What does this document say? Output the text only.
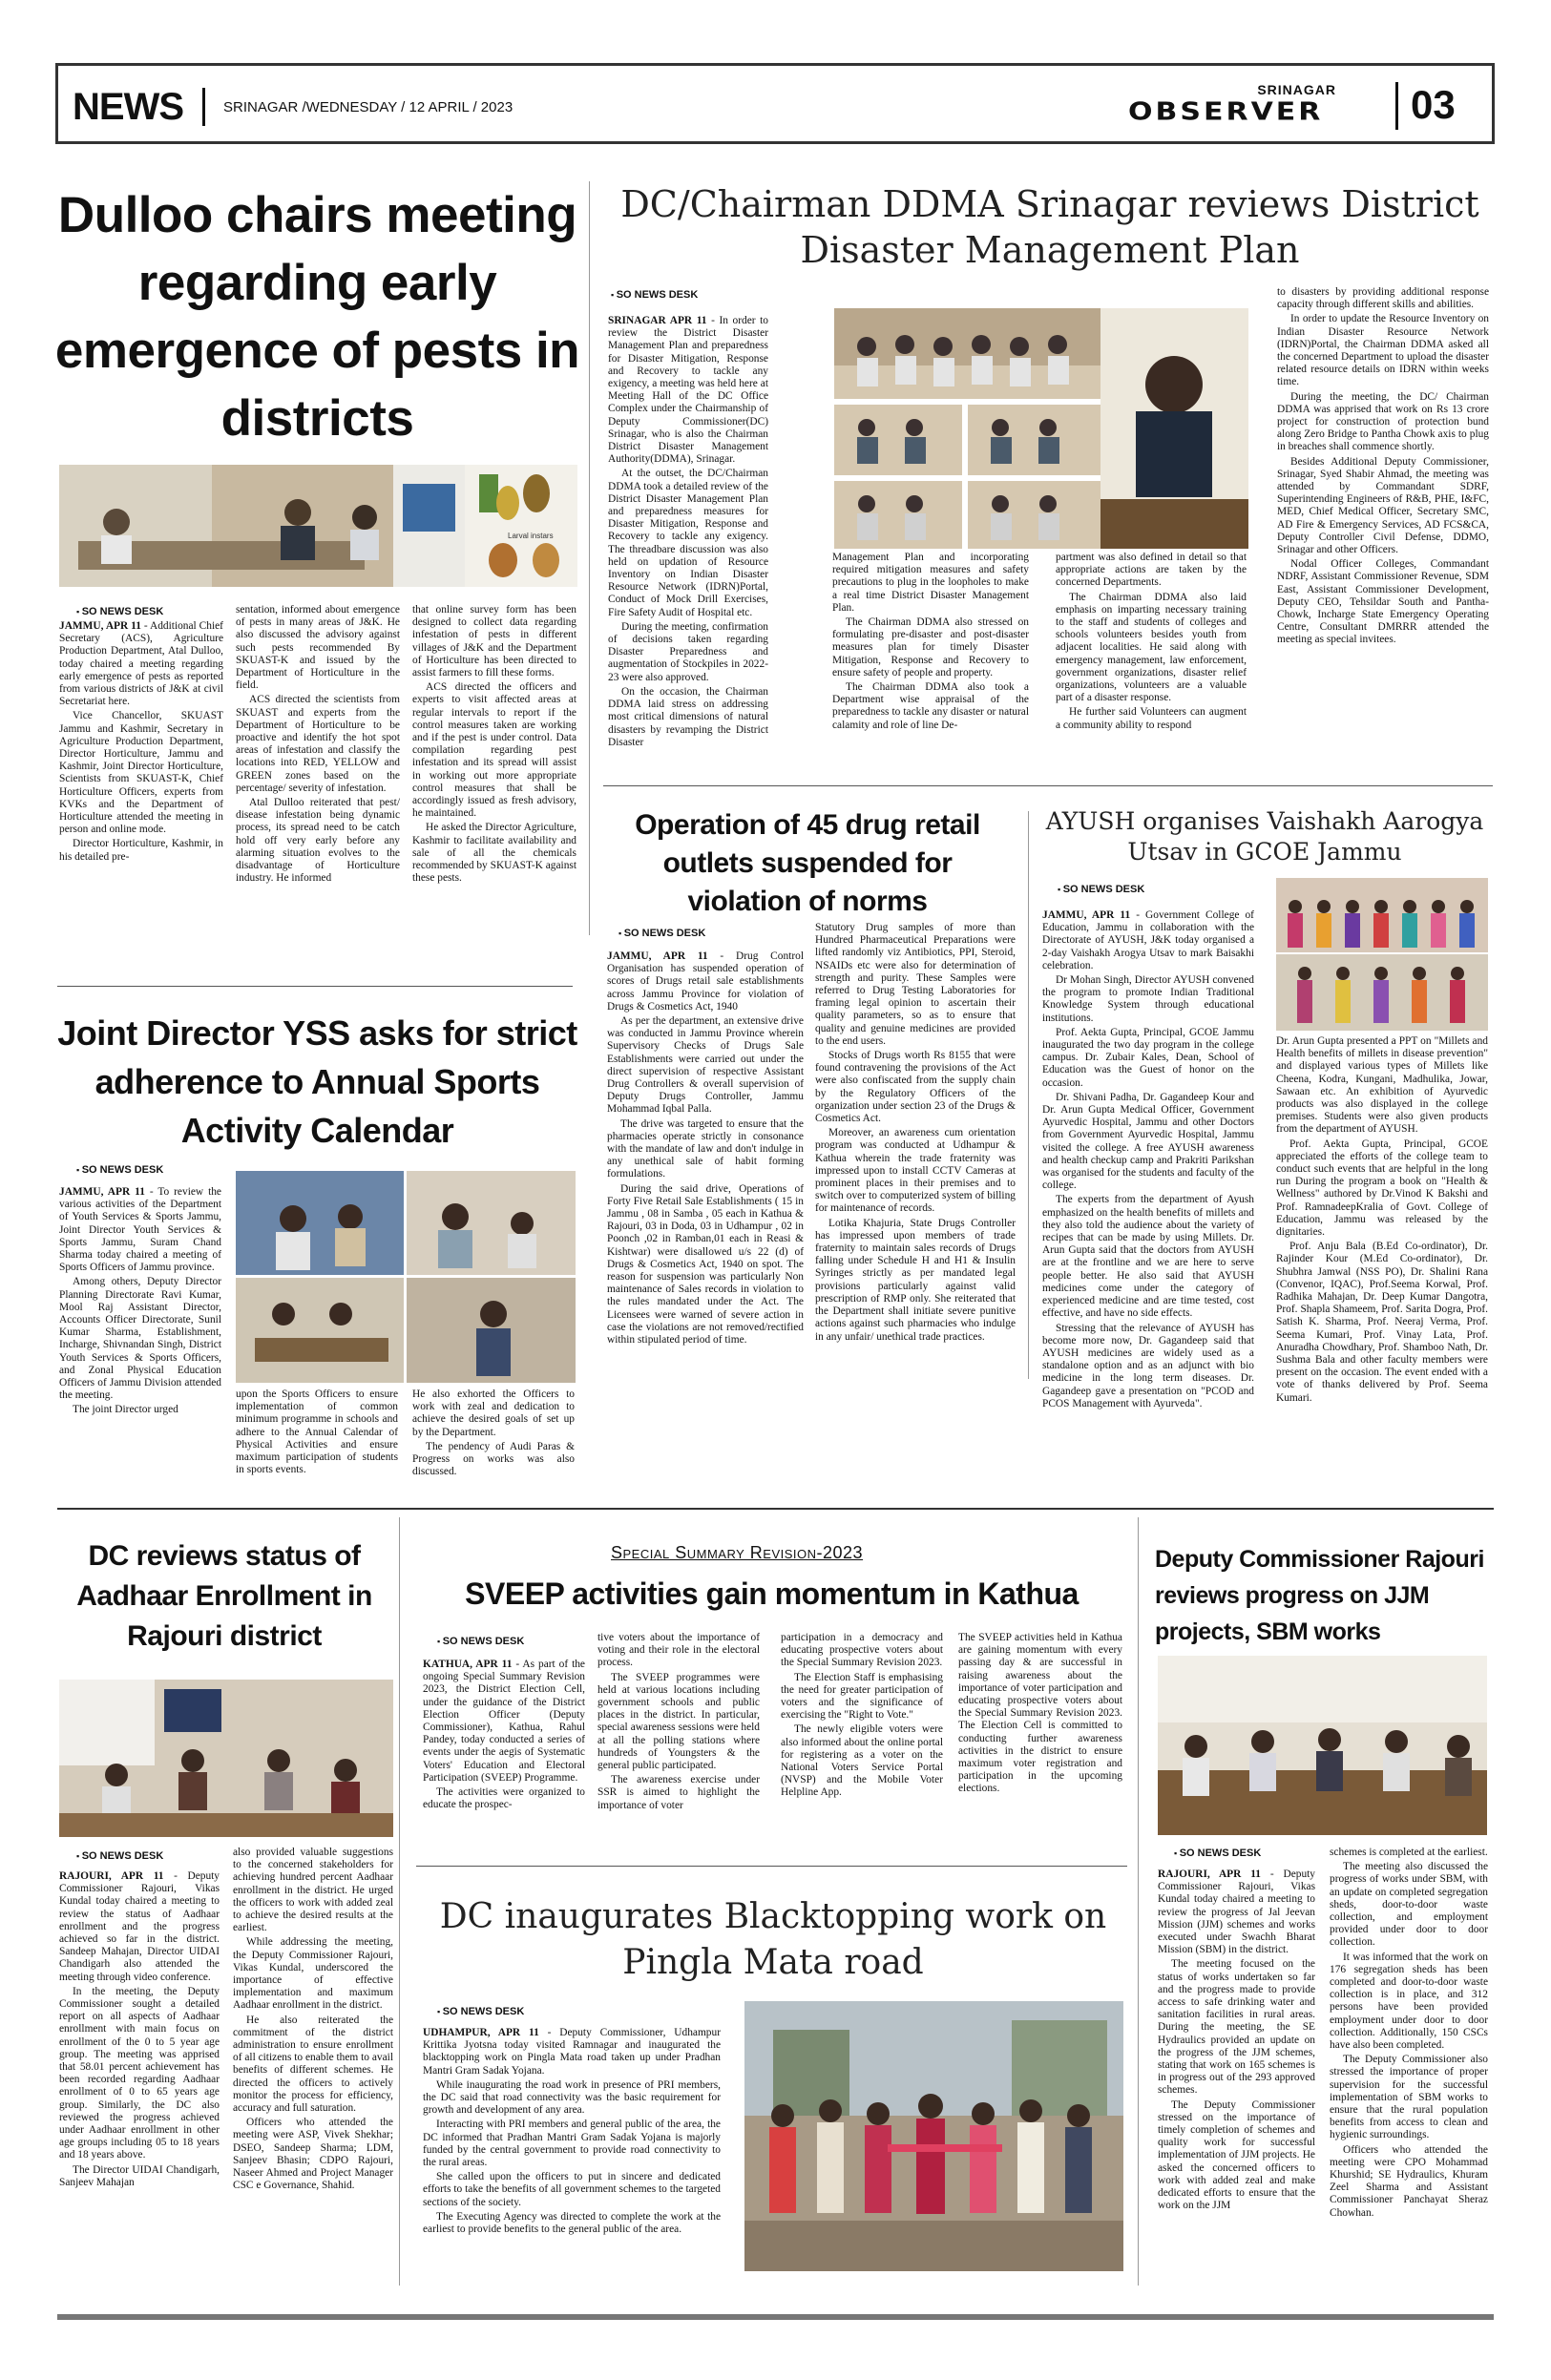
NEWS	SRINAGAR /WEDNESDAY / 12 APRIL / 2023
SRINAGAR
OBSERVER 03
Dulloo chairs meeting regarding early emergence of pests in districts
Larval instars
▪ SO NEWS DESK

JAMMU, APR 11 - Additional Chief Secretary (ACS), Agriculture Production Department, Atal Dulloo, today chaired a meeting regarding early emergence of pests as reported from various districts of J&K at civil Secretariat here.

Vice Chancellor, SKUAST Jammu and Kashmir, Secretary in Agriculture Production Department, Director Horticulture, Jammu and Kashmir, Joint Director Horticulture, Scientists from SKUAST-K, Chief Horticulture Officers, experts from KVKs and the Department of Horticulture attended the meeting in person and online mode.

Director Horticulture, Kashmir, in his detailed pre-

sentation, informed about emergence of pests in many areas of J&K. He also discussed the advisory against such pests recommended By SKUAST-K and issued by the Department of Horticulture in the field.

ACS directed the scientists from SKUAST and experts from the Department of Horticulture to be proactive and identify the hot spot areas of infestation and classify the locations into RED, YELLOW and GREEN zones based on the percentage/ severity of infestation.

Atal Dulloo reiterated that pest/ disease infestation being dynamic process, its spread need to be catch hold off very early before any alarming situation evolves to the disadvantage of Horticulture industry. He informed

that online survey form has been designed to collect data regarding infestation of pests in different villages of J&K and the Department of Horticulture has been directed to assist farmers to fill these forms.

ACS directed the officers and experts to visit affected areas at regular intervals to report if the control measures taken are working and if the pest is under control. Data compilation regarding pest infestation and its spread will assist in working out more appropriate control measures that shall be accordingly issued as fresh advisory, he maintained.

He asked the Director Agriculture, Kashmir to facilitate availability and sale of all the chemicals recommended by SKUAST-K against these pests.

DC/Chairman DDMA Srinagar reviews District Disaster Management Plan
▪ SO NEWS DESK

SRINAGAR APR 11 - In order to review the District Disaster Management Plan and preparedness for Disaster Mitigation, Response and Recovery to tackle any exigency, a meeting was held here at Meeting Hall of the DC Office Complex under the Chairmanship of Deputy Commissioner(DC) Srinagar, who is also the Chairman District Disaster Management Authority(DDMA), Srinagar.

At the outset, the DC/Chairman DDMA took a detailed review of the District Disaster Management Plan and preparedness measures for Disaster Mitigation, Response and Recovery to tackle any exigency. The threadbare discussion was also held on updation of Resource Inventory on Indian Disaster Resource Network (IDRN)Portal, Conduct of Mock Drill Exercises, Fire Safety Audit of Hospital etc.

During the meeting, confirmation of decisions taken regarding Disaster Preparedness and augmentation of Stockpiles in 2022-23 were also approved.

On the occasion, the Chairman DDMA laid stress on addressing most critical dimensions of natural disasters by revamping the District Disaster

Management Plan and incorporating required mitigation measures and safety precautions to plug in the loopholes to make a real time District Disaster Management Plan.

The Chairman DDMA also stressed on formulating pre-disaster and post-disaster measures plan for timely Disaster Mitigation, Response and Recovery to ensure safety of people and property.

The Chairman DDMA also took a Department wise appraisal of the preparedness to tackle any disaster or natural calamity and role of line De-

partment was also defined in detail so that appropriate actions are taken by the concerned Departments.

The Chairman DDMA also laid emphasis on imparting necessary training to the staff and students of colleges and schools volunteers besides youth from adjacent localities. He said along with emergency management, law enforcement, government organizations, disaster relief organizations, volunteers are a valuable part of a disaster response.

He further said Volunteers can augment a community ability to respond

to disasters by providing additional response capacity through different skills and abilities.

In order to update the Resource Inventory on Indian Disaster Resource Network (IDRN)Portal, the Chairman DDMA asked all the concerned Department to upload the disaster related resource details on IDRN within weeks time.

During the meeting, the DC/ Chairman DDMA was apprised that work on Rs 13 crore project for construction of protection bund along Zero Bridge to Pantha Chowk axis to plug in breaches shall commence shortly.

Besides Additional Deputy Commissioner, Srinagar, Syed Shabir Ahmad, the meeting was attended by Commandant SDRF, Superintending Engineers of R&B, PHE, I&FC, MED, Chief Medical Officer, Secretary SMC, AD Fire & Emergency Services, AD FCS&CA, Deputy Controller Civil Defense, DDMO, Srinagar and other Officers.

Nodal Officer Colleges, Commandant NDRF, Assistant Commissioner Revenue, SDM East, Assistant Commissioner Development, Deputy CEO, Tehsildar South and Pantha-Chowk, Incharge State Emergency Operating Centre, Consultant DMRRR attended the meeting as special invitees.

Joint Director YSS asks for strict adherence to Annual Sports Activity Calendar
▪ SO NEWS DESK

JAMMU, APR 11 - To review the various activities of the Department of Youth Services & Sports Jammu, Joint Director Youth Services & Sports Jammu, Suram Chand Sharma today chaired a meeting of Sports Officers of Jammu province.

Among others, Deputy Director Planning Directorate Ravi Kumar, Mool Raj Assistant Director, Accounts Officer Directorate, Sunil Kumar Sharma, Establishment, Incharge, Shivnandan Singh, District Youth Services & Sports Officers, and Zonal Physical Education Officers of Jammu Division attended the meeting.

The joint Director urged

upon the Sports Officers to ensure implementation of common minimum programme in schools and adhere to the Annual Calendar of Physical Activities and ensure maximum participation of students in sports events.

He also exhorted the Officers to work with zeal and dedication to achieve the desired goals of set up by the Department.

The pendency of Audi Paras & Progress on works was also discussed.

Operation of 45 drug retail outlets suspended for violation of norms
▪ SO NEWS DESK

JAMMU, APR 11 - Drug Control Organisation has suspended operation of scores of Drugs retail sale establishments across Jammu Province for violation of Drugs & Cosmetics Act, 1940

As per the department, an extensive drive was conducted in Jammu Province wherein Supervisory Checks of Drugs Sale Establishments were carried out under the direct supervision of respective Assistant Drug Controllers & overall supervision of Deputy Drugs Controller, Jammu Mohammad Iqbal Palla.

The drive was targeted to ensure that the pharmacies operate strictly in consonance with the mandate of law and don't indulge in any unethical sale of habit forming formulations.

During the said drive, Operations of Forty Five Retail Sale Establishments ( 15 in Jammu , 08 in Samba , 05 each in Kathua & Rajouri, 03 in Doda, 03 in Udhampur , 02 in Poonch ,02 in Ramban,01 each in Reasi & Kishtwar) were disallowed u/s 22 (d) of Drugs & Cosmetics Act, 1940 on spot. The reason for suspension was particularly Non maintenance of Sales records in violation to the rules mandated under the Act. The Licensees were warned of severe action in case the violations are not removed/rectified within stipulated period of time.

Statutory Drug samples of more than Hundred Pharmaceutical Preparations were lifted randomly viz Antibiotics, PPI, Steroid, NSAIDs etc were also for determination of strength and purity. These Samples were referred to Drug Testing Laboratories for framing legal opinion to ascertain their quality parameters, so as to ensure that quality and genuine medicines are provided to the end users.

Stocks of Drugs worth Rs 8155 that were found contravening the provisions of the Act were also confiscated from the supply chain by the Regulatory Officers of the organization under section 23 of the Drugs & Cosmetics Act.

Moreover, an awareness cum orientation program was conducted at Udhampur & Kathua wherein the trade fraternity was impressed upon to install CCTV Cameras at prominent places in their premises and to switch over to computerized system of billing for maintenance of records.

Lotika Khajuria, State Drugs Controller has impressed upon members of trade fraternity to maintain sales records of Drugs falling under Schedule H and H1 & Insulin Syringes strictly as per mandated legal provisions particularly against valid prescription of RMP only. She reiterated that the Department shall initiate severe punitive actions against such pharmacies who indulge in any unfair/ unethical trade practices.

AYUSH organises Vaishakh Aarogya Utsav in GCOE Jammu
▪ SO NEWS DESK

JAMMU, APR 11 - Government College of Education, Jammu in collaboration with the Directorate of AYUSH, J&K today organised a 2-day Vaishakh Arogya Utsav to mark Baisakhi celebration.

Dr Mohan Singh, Director AYUSH convened the program to promote Indian Traditional Knowledge System through educational institutions.

Prof. Aekta Gupta, Principal, GCOE Jammu inaugurated the two day program in the college campus. Dr. Zubair Kales, Dean, School of Education was the Guest of honor on the occasion.

Dr. Shivani Padha, Dr. Gagandeep Kour and Dr. Arun Gupta Medical Officer, Government Ayurvedic Hospital, Jammu and other Doctors from Government Ayurvedic Hospital, Jammu visited the college. A free AYUSH awareness and health checkup camp and Prakriti Parikshan was organised for the students and faculty of the college.

The experts from the department of Ayush emphasized on the health benefits of millets and they also told the audience about the variety of recipes that can be made by using Millets. Dr. Arun Gupta said that the doctors from AYUSH are at the frontline and we are here to serve people better. He also said that AYUSH medicines come under the category of experienced medicine and are time tested, cost effective, and have no side effects.

Stressing that the relevance of AYUSH has become more now, Dr. Gagandeep said that AYUSH medicines are widely used as a standalone option and as an adjunct with bio medicine in the long term diseases. Dr. Gagandeep gave a presentation on "PCOD and PCOS Management with Ayurveda".

Dr. Arun Gupta presented a PPT on "Millets and Health benefits of millets in disease prevention" and displayed various types of Millets like Cheena, Kodra, Kungani, Madhulika, Jowar, Sawaan etc. An exhibition of Ayurvedic products was also displayed in the college premises. Students were also given products from the department of AYUSH.

Prof. Aekta Gupta, Principal, GCOE appreciated the efforts of the college team to conduct such events that are helpful in the long run During the program a book on "Health & Wellness" authored by Dr.Vinod K Bakshi and Prof. RamnadeepKralia of Govt. College of Education, Jammu was released by the dignitaries.

Prof. Anju Bala (B.Ed Co-ordinator), Dr. Rajinder Kour (M.Ed Co-ordinator), Dr. Shubhra Jamwal (NSS PO), Dr. Shalini Rana (Convenor, IQAC), Prof.Seema Korwal, Prof. Radhika Mahajan, Dr. Deep Kumar Dangotra, Prof. Shapla Shameem, Prof. Sarita Dogra, Prof. Satish K. Sharma, Prof. Neeraj Verma, Prof. Seema Kumari, Prof. Vinay Lata, Prof. Anuradha Chowdhary, Prof. Shamboo Nath, Dr. Sushma Bala and other faculty members were present on the occasion. The event ended with a vote of thanks delivered by Prof. Seema Kumari.

DC reviews status of Aadhaar Enrollment in Rajouri district
▪ SO NEWS DESK

RAJOURI, APR 11 - Deputy Commissioner Rajouri, Vikas Kundal today chaired a meeting to review the status of Aadhaar enrollment and the progress achieved so far in the district. Sandeep Mahajan, Director UIDAI Chandigarh also attended the meeting through video conference.

In the meeting, the Deputy Commissioner sought a detailed report on all aspects of Aadhaar enrollment with main focus on enrollment of the 0 to 5 year age group. The meeting was apprised that 58.01 percent achievement has been recorded regarding Aadhaar enrollment of 0 to 65 years age group. Similarly, the DC also reviewed the progress achieved under Aadhaar enrollment in other age groups including 05 to 18 years and 18 years above.

The Director UIDAI Chandigarh, Sanjeev Mahajan

also provided valuable suggestions to the concerned stakeholders for achieving hundred percent Aadhaar enrollment in the district. He urged the officers to work with added zeal to achieve the desired results at the earliest.

While addressing the meeting, the Deputy Commissioner Rajouri, Vikas Kundal, underscored the importance of effective implementation and maximum Aadhaar enrollment in the district.

He also reiterated the commitment of the district administration to ensure enrollment of all citizens to enable them to avail benefits of different schemes. He directed the officers to actively monitor the process for efficiency, accuracy and full saturation.

Officers who attended the meeting were ASP, Vivek Shekhar; DSEO, Sandeep Sharma; LDM, Sanjeev Bhasin; CDPO Rajouri, Naseer Ahmed and Project Manager CSC e Governance, Shahid.

Special Summary Revision-2023
SVEEP activities gain momentum in Kathua
▪ SO NEWS DESK

KATHUA, APR 11 - As part of the ongoing Special Summary Revision 2023, the District Election Cell, under the guidance of the District Election Officer (Deputy Commissioner), Kathua, Rahul Pandey, today conducted a series of events under the aegis of Systematic Voters' Education and Electoral Participation (SVEEP) Programme.

The activities were organized to educate the prospec-

tive voters about the importance of voting and their role in the electoral process.

The SVEEP programmes were held at various locations including government schools and public places in the district. In particular, special awareness sessions were held at all the polling stations where hundreds of Youngsters & the general public participated.

The awareness exercise under SSR is aimed to highlight the importance of voter

participation in a democracy and educating prospective voters about the Special Summary Revision 2023.

The Election Staff is emphasising the need for greater participation of voters and the significance of exercising the "Right to Vote."

The newly eligible voters were also informed about the online portal for registering as a voter on the National Voters Service Portal (NVSP) and the Mobile Voter Helpline App.

The SVEEP activities held in Kathua are gaining momentum with every passing day & are successful in raising awareness about the importance of voter participation and educating prospective voters about the Special Summary Revision 2023. The Election Cell is committed to conducting further awareness activities in the district to ensure maximum voter registration and participation in the upcoming elections.

DC inaugurates Blacktopping work on Pingla Mata road
▪ SO NEWS DESK

UDHAMPUR, APR 11 - Deputy Commissioner, Udhampur Krittika Jyotsna today visited Ramnagar and inaugurated the blacktopping work on Pingla Mata road taken up under Pradhan Mantri Gram Sadak Yojana.

While inaugurating the road work in presence of PRI members, the DC said that road connectivity was the basic requirement for growth and development of any area.

Interacting with PRI members and general public of the area, the DC informed that Pradhan Mantri Gram Sadak Yojana is majorly funded by the central government to provide road connectivity to the rural areas.

She called upon the officers to put in sincere and dedicated efforts to take the benefits of all government schemes to the targeted sections of the society.

The Executing Agency was directed to complete the work at the earliest to provide benefits to the general public of the area.

Deputy Commissioner Rajouri reviews progress on JJM projects, SBM works
▪ SO NEWS DESK

RAJOURI, APR 11 - Deputy Commissioner Rajouri, Vikas Kundal today chaired a meeting to review the progress of Jal Jeevan Mission (JJM) schemes and works executed under Swachh Bharat Mission (SBM) in the district.

The meeting focused on the status of works undertaken so far and the progress made to provide access to safe drinking water and sanitation facilities in rural areas. During the meeting, the SE Hydraulics provided an update on the progress of the JJM schemes, stating that work on 165 schemes is in progress out of the 293 approved schemes.

The Deputy Commissioner stressed on the importance of timely completion of schemes and quality work for successful implementation of JJM projects. He asked the concerned officers to work with added zeal and make dedicated efforts to ensure that the work on the JJM

schemes is completed at the earliest.

The meeting also discussed the progress of works under SBM, with an update on completed segregation sheds, door-to-door waste collection, and employment provided under door to door collection.

It was informed that the work on 176 segregation sheds has been completed and door-to-door waste collection is in place, and 312 persons have been provided employment under door to door collection. Additionally, 150 CSCs have also been completed.

The Deputy Commissioner also stressed the importance of proper supervision for the successful implementation of SBM works to ensure that the rural population benefits from access to clean and hygienic surroundings.

Officers who attended the meeting were CPO Mohammad Khurshid; SE Hydraulics, Khuram Zeel Sharma and Assistant Commissioner Panchayat Sheraz Chowhan.
